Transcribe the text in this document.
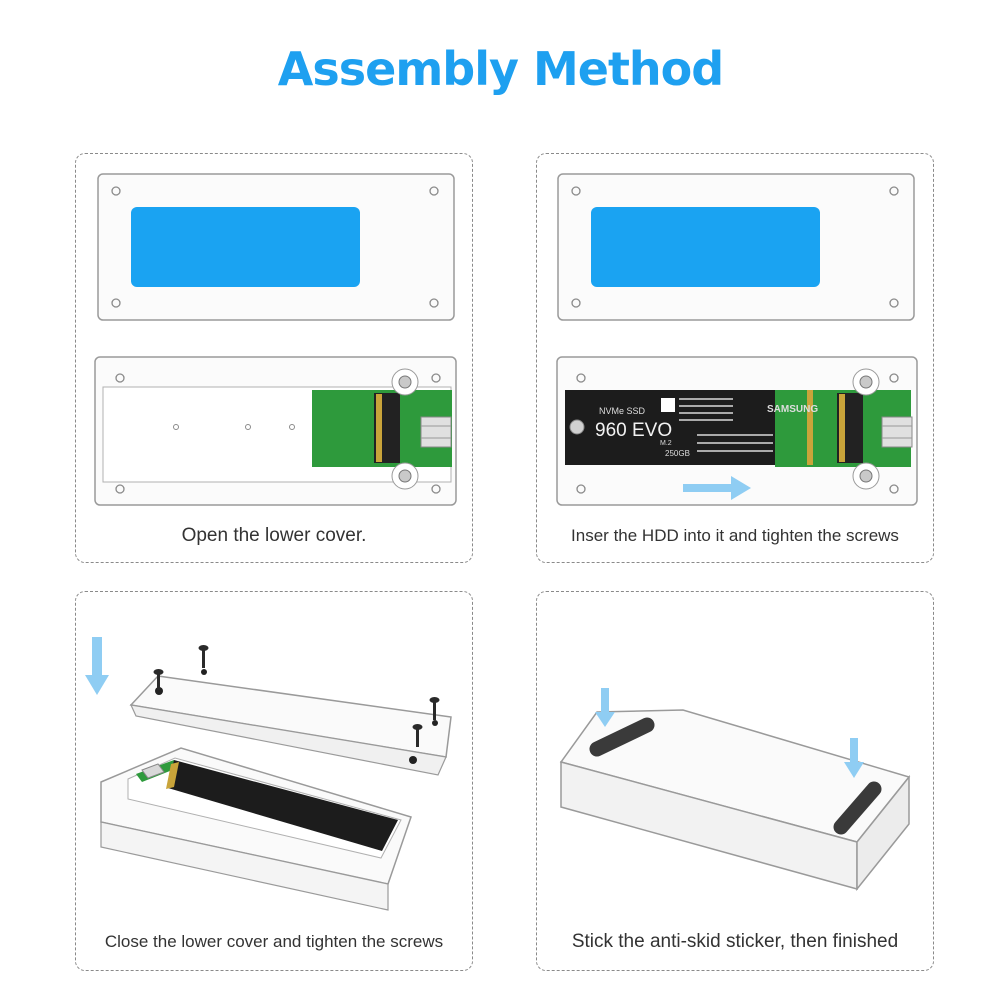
Assembly Method
Open the lower cover.
SAMSUNG
NVMe SSD
960 EVO
M.2
250GB
Inser the HDD into it and tighten the screws
Close the lower cover and tighten the screws	Stick the anti-skid sticker, then finished
